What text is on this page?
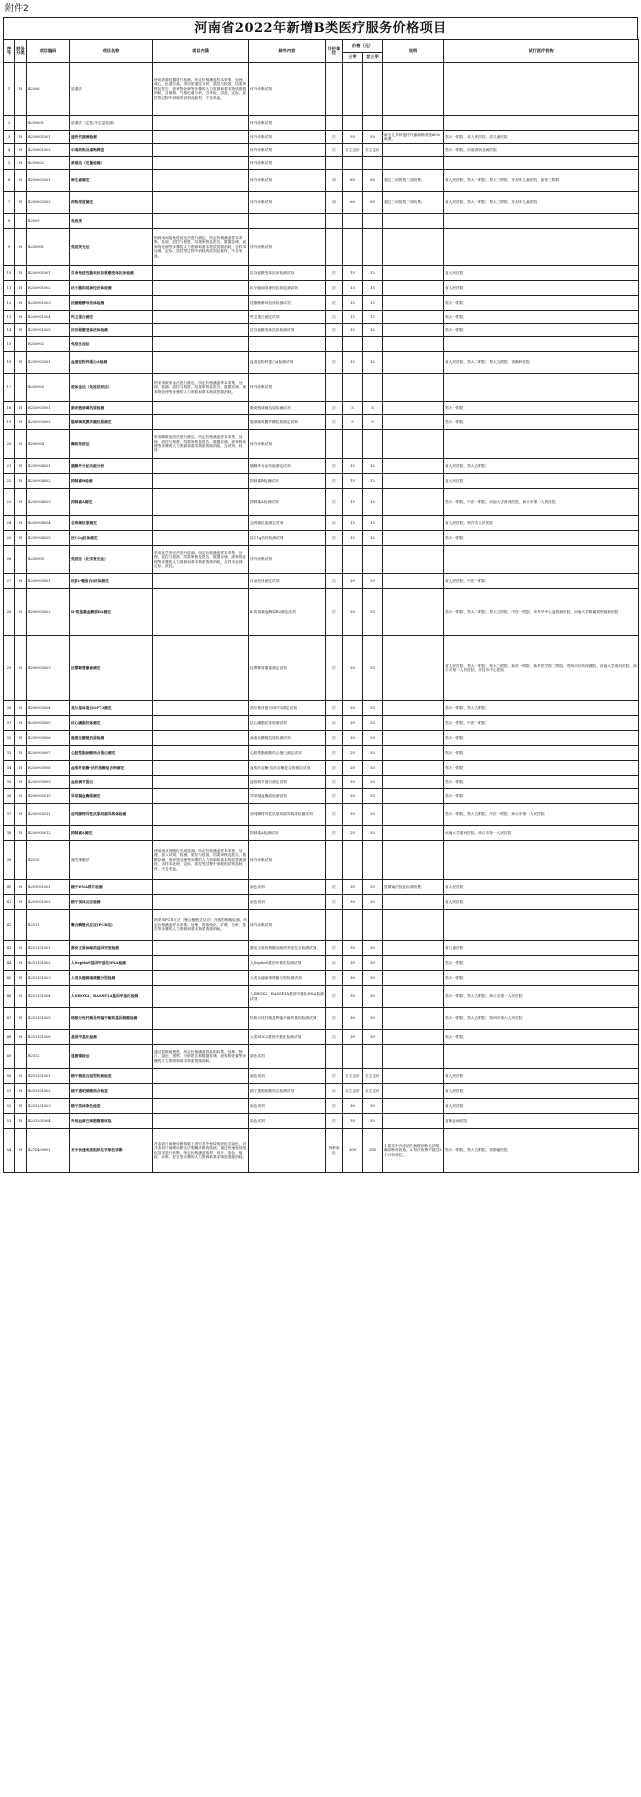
附件2
河南省2022年新增B类医疗服务价格项目
序号	财务分类	项目编码	项目名称	项目内涵	除外内容	计价单位	价格（元）		说明	试行医疗机构
							三甲	非三甲		
1	H	B2508	质谱法	使用质谱仪器进行检测。所定价格涵盖样本采集、处理、离心、色谱分离，采用质谱仪分析，质控与校准，结果审核及报告，废弃物处理等步骤的人力资源和基本物质资源消耗，含液相、气相色谱分析，含萃取、清洗、定标、质控等过程中消耗的试剂及耗材，不含采血。	体外诊断试剂					
2		B250801	质谱法（定性/半定量检测）		体外诊断试剂					
3	H	B250801001	遗传代谢病检测		体外诊断试剂	次	50	50	新生儿多种遗传代谢病筛查按60%收费。	郑大一附院、省人民医院、省儿童医院
4	H	B250801002	中毒药物及毒物筛查		体外诊断试剂	次	自主定价	自主定价		郑大一附院、河南省职业病医院
5	H	B250802	质谱法（定量检测）		体外诊断试剂					
6	H	B250802001	维生素测定		体外诊断试剂	项	60	60	超过三项的按三项收费。	省人民医院、郑大一附院、郑大三附院、开封市儿童医院、新医三附院
7	H	B250802002	药物浓度测定		体外诊断试剂	项	60	60	超过三项的按三项收费。	省人民医院、郑大一附院、郑大三附院、开封市儿童医院
8		B2509	免疫类							
9	H	B250901	免疫荧光法	指利用间接免疫荧光法进行测定。所定价格涵盖样本采集、处理、质控与校准、结果审核及报告、数据存储、废弃物处理等步骤的人力资源和基本物质资源消耗，含样本处理、定标、质控等过程中消耗的试剂及耗材，不含采血。	体外诊断试剂					
10	H	B250901001	自身免疫性脑炎抗谷氨酸受体抗体检测		抗谷氨酸受体抗体检测试剂	次	15	15		省人民医院
11	H	B250901002	抗小脑和视神经抗体检测		抗小脑和视神经抗体检测试剂	次	15	15		省人民医院
12	H	B250901003	抗酪酸酵母抗体检测		抗酪酸酵母抗体检测试剂	次	15	15		郑大一附院
13	H	B250901004	钙卫蛋白测定		钙卫蛋白测定试剂	次	15	15		郑大一附院
14	H	B250901005	抗谷氨酸受体抗体检测		抗谷氨酸受体抗体检测试剂	次	15	15		郑大一附院
15		B250902	免疫比浊法							
16	H	B250902001	血清淀粉样蛋白A检测		血清淀粉样蛋白A检测试剂	次	15	15		省人民医院、郑大二附院、郑大五附院、省胸科医院
17		B250903	胶体金法（免疫层析法）	指采用胶体金法进行测定。所定价格涵盖样本采集、处理、检测、质控与校准、结果审核及报告、数据存储、废弃物处理等步骤的人力资源和基本物质资源消耗。	体外诊断试剂					
18	H	B250903001	肺炎链球菌抗原检测		肺炎链球菌抗原检测试剂	次	5	5		郑大一附院
19	H	B250903002	隐球菌荚膜多糖抗原测定		隐球菌荚膜多糖抗原测定试剂	次	5	5		郑大一附院
20	H	B250904	酶联免疫法	采用酶联免疫法进行测定。所定价格涵盖样本采集、处理、质控与校准、结果审核及报告、数据存储、废弃物处理等步骤的人力资源和基本物质资源消耗，含试剂、耗材。	体外诊断试剂					
21	H	B250904001	胰腺外分泌功能分析		胰腺外分泌功能测定试剂	次	15	15		省人民医院、郑大五附院
22	H	B250904002	抑制素B检测		抑制素B检测试剂	次	15	15		省人民医院
23	H	B250904003	抑制素A测定		抑制素A检测试剂	次	15	15		郑大一附院、中医一附院、河南大学淮河医院、商丘市第一人民医院
24	H	B250904004	念珠菌抗原测定		念珠菌抗原测定试剂	次	15	15		省人民医院、焦作市人民医院
25	H	B250904005	抗C1q抗体测定		抗C1q抗体检测试剂	次	15	15		郑大一附院
26		B250905	免疫法（化学发光法）	采用化学发光法进行检测。所定价格涵盖样本采集、处理、质控与校准、结果审核及报告、数据存储、废弃物处理等步骤的人力资源和基本物质资源消耗，含样本处理、定标、质控。	体外诊断试剂					
27	H	B250905001	抗β2-糖蛋白I抗体测定		自身抗体测定试剂	次	20	20		省人民医院、中医一附院
28	H	B250905002	Ⅱ-羧基凝血酶原B2测定		Ⅱ-羧基凝血酶原B2测定试剂	次	20	20		郑大一附院、郑大二附院、郑大五附院、中医一附院、阜外华中心血管病医院、河南大学附属郑州颐和医院
29	H	B250905003	抗缪勒管激素测定		抗缪勒管激素测定试剂	次	20	20		省人民医院、郑大一附院、郑大三附院、新医一附院、新乡医学院三附院、郑州市妇幼保健院、河南大学淮河医院、商丘市第一人民医院、开封市中心医院
30	H	B250905004	高尔基体蛋白GP73测定		高尔基体蛋白GP73测定试剂	次	20	20		郑大一附院、郑大五附院
31	H	B250905005	抗心磷脂抗体测定		抗心磷脂抗体检测试剂	次	20	20		郑大一附院、中医一附院
32	H	B250905006	涎液化糖链抗原检测		涎液化糖链抗原检测试剂	次	20	20		郑大一附院
33	H	B250905007	心脏型脂肪酸结合蛋白测定		心脏型脂肪酸结合蛋白测定试剂	次	20	20		郑大一附院
34	H	B250905008	血浆纤溶酶-抗纤溶酶复合物测定		血浆纤溶酶-抗纤溶酶复合物测定试剂	次	20	20		郑大一附院
35	H	B250905009	血栓调节蛋白		血栓调节蛋白测定试剂	次	20	20		郑大一附院
36	H	B250905010	异常凝血酶原测定		异常凝血酶原检测试剂	次	20	20		郑大一附院
37	H	B250905011	前列腺特异性抗原同源异构体检测		前列腺特异性抗原同源异构体检测试剂	次	20	20		郑大一附院、郑大五附院、中医一附院、商丘市第一人民医院
38	H	B250905012	抑制素A测定		抑制素A检测试剂	次	20	20		河南大学淮河医院、商丘市第一人民医院
39		B2510	流式细胞法	使用流式细胞仪完成检测。所定价格涵盖样本采集、处理、加入试剂，检测，质控与校准，结果审核及报告，数据存储，废弃物处理等步骤的人力资源和基本物质资源消耗，含样本处理、定标、质控等过程中消耗的试剂及耗材，不含采血。	体外诊断试剂					
40	H	B251001001	精子DNA碎片检测		染色试剂	次	30	30	显微镜法按此标准收费。	省人民医院
41	H	B251001002	精子顶体反应检测		染色试剂	次	30	30		省人民医院
42		B2511	聚合酶链式反应(PCR法)	指采用PCR方法（聚合酶链式反应）开展的核酸检测。所定价格涵盖样本采集、处理、提取纯化、扩增、分析、报告等步骤的人力资源和基本物质资源消耗。	体外诊断试剂					
43	H	B251101001	肺炎支原体耐药基因突变检测		肺炎支原体核酸及耐药突变位点检测试剂	次	30	30		省儿童医院
44	H	B251101002	人Septin9基因甲基化DNA检测		人Septin9基因甲基化检测试剂	次	30	30		郑大一附院
45	H	B251101003	人类头瘤病毒核酸分型检测		人类头瘤病毒核酸分型检测试剂	次	30	30		郑大一附院
46	H	B251101004	人SHOX2、RASSF1A基因甲基化检测		人SHOX2、RASSF1A基因甲基化DNA检测试剂	次	30	30		郑大一附院、郑大五附院、商丘市第一人民医院
47	H	B251101005	结核分枝杆菌及利福平耐药基因核酸检测		结核分枝杆菌及利福平耐药基因检测试剂	次	30	30		郑大一附院、郑大五附院、郑州市第六人民医院
48	H	B251101006	基因甲基化检测		人类SDC2基因甲基化检测试剂	次	30	30		郑大一附院
49		B2512	显微镜检法	通过显微镜观察，所定价格涵盖样品的收集、处理、制片、染色、观察、分析报告和数据存储、废弃物处置等步骤的人力资源和基本物质资源消耗。	染色试剂					
50	H	B251201001	精子核蛋白组型转换检查		染色试剂	次	自主定价	自主定价		省人民医院
51	H	B251201002	精子透明质酸结合检查		精子透明质酸结合检测试剂	次	自主定价	自主定价		省人民医院
52	H	B251201003	精子活体染色检查		染色试剂	次	30	30		省人民医院
53	H	B251201004	外周血淋巴细胞微核试验		染色试剂	次	30	30		省职业病医院
54	H	B270400001	术中快速免疫组织化学染色诊断	冷冻切片病理诊断基础上进行术中免疫组织化学染色，对冷冻切片病理诊断无法明确诊断的疾病，通过快速免疫组化技术进行诊断，所定价格涵盖取材、切片、染色、镜检、诊断、报告等步骤的人力资源和基本物质资源消耗。		每种染色	300	285	1.需术中冷冻切片病理诊断无法明确诊断时收取。2.每次收费不超过2个计价单位。	郑大一附院、郑大五附院、省肿瘤医院
